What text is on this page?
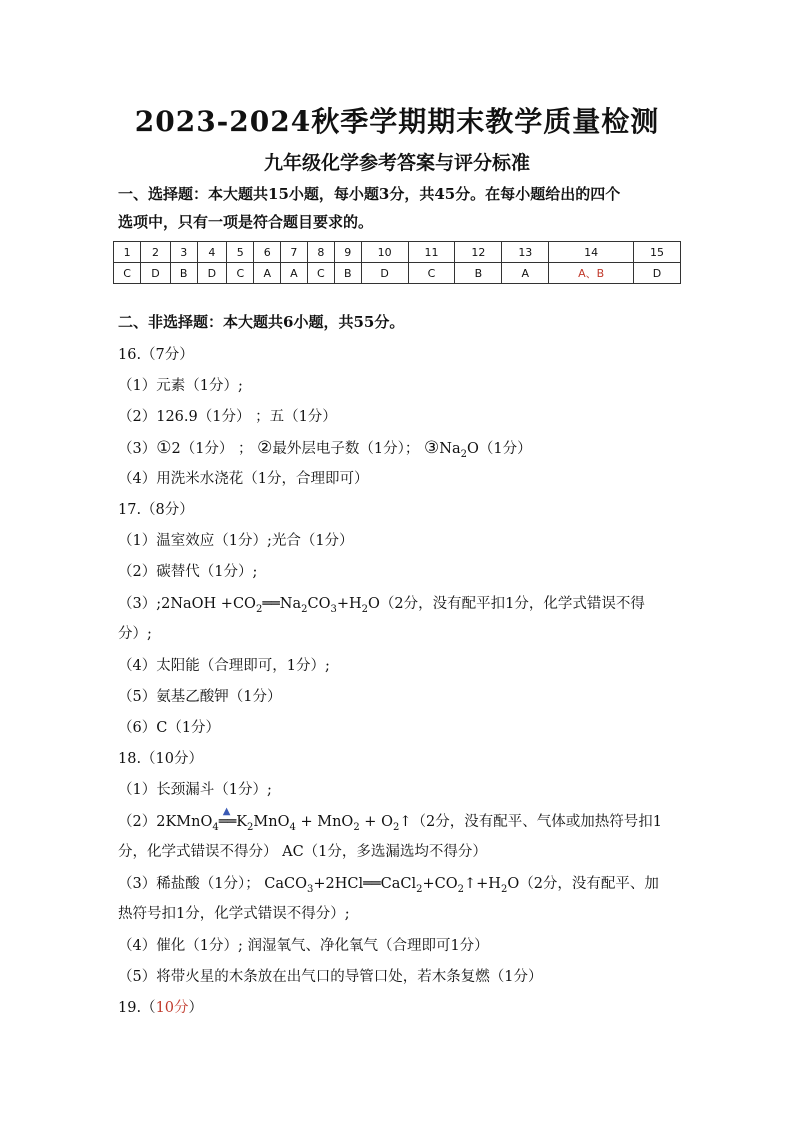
2023-2024秋季学期期末教学质量检测
九年级化学参考答案与评分标准
一、选择题：本大题共15小题，每小题3分，共45分。在每小题给出的四个
选项中，只有一项是符合题目要求的。
1	2	3	4	5	6	7	8	9	10	11	12	13	14	15
C	D	B	D	C	A	A	C	B	D	C	B	A	A、B	D
二、非选择题：本大题共6小题，共55分。
16.（7分）
（1）元素（1分）;
（2）126.9（1分） ；五（1分）
（3）①2（1分） ； ②最外层电子数（1分）； $③Na_2O(1$分）
（4）用洗米水浇花（1分，合理即可）
17.（8分）
（1）温室效应（1分）;光合（1分）
（2）碳替代（1分）;
（3）;2NaOH $+CO_2══Na_2CO_3+H_2O(2$分，没有配平扣1分，化学式错误不得
分）;
（4）太阳能（合理即可，1分）;
（5）氨基乙酸钾（1分）
（6）C（1分）
18.（10分）
（1）长颈漏斗（1分）;
（2）2KMnO$_4$
▲
$══K_2MnO_4 + MnO_2$ + $O_2↑(2$分，没有配平、气体或加热符号扣1
分，化学式错误不得分） AC（1分，多选漏选均不得分）
（3）稀盐酸（1分）； $CaCO_3+2HCl══CaCl_2+CO_2↑+H_2O(2$分，没有配平、加
热符号扣1分，化学式错误不得分）;
（4）催化（1分）; 润湿氧气、净化氧气（合理即可1分）
（5）将带火星的木条放在出气口的导管口处，若木条复燃（1分）
19.（10分）
